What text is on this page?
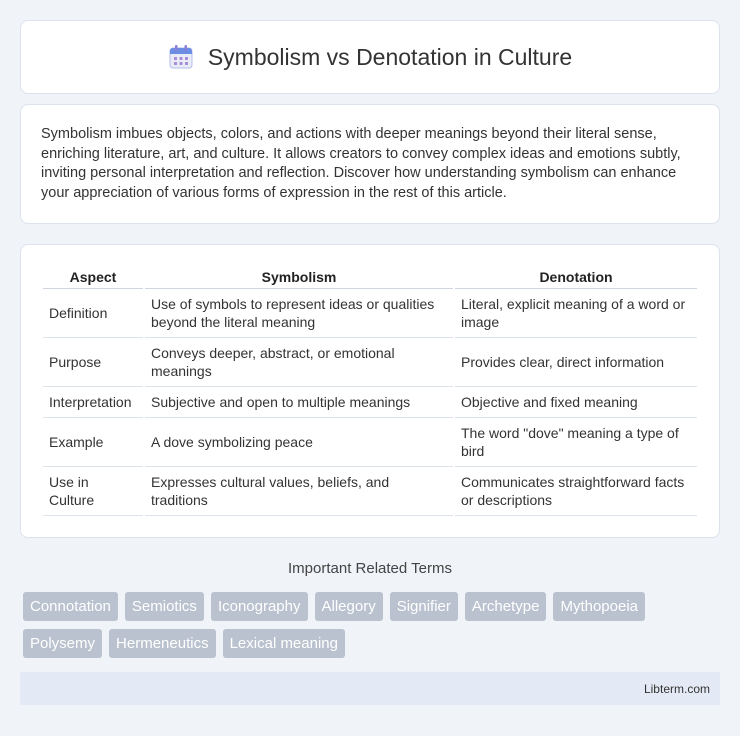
Symbolism vs Denotation in Culture

Symbolism imbues objects, colors, and actions with deeper meanings beyond their literal sense, enriching literature, art, and culture. It allows creators to convey complex ideas and emotions subtly, inviting personal interpretation and reflection. Discover how understanding symbolism can enhance your appreciation of various forms of expression in the rest of this article.

Aspect	Symbolism	Denotation
Definition	Use of symbols to represent ideas or qualities beyond the literal meaning	Literal, explicit meaning of a word or image
Purpose	Conveys deeper, abstract, or emotional meanings	Provides clear, direct information
Interpretation	Subjective and open to multiple meanings	Objective and fixed meaning
Example	A dove symbolizing peace	The word "dove" meaning a type of bird
Use in Culture	Expresses cultural values, beliefs, and traditions	Communicates straightforward facts or descriptions
Important Related Terms
Connotation	Semiotics	Iconography	Allegory	Signifier	Archetype	Mythopoeia
Polysemy	Hermeneutics	Lexical meaning
Libterm.com
